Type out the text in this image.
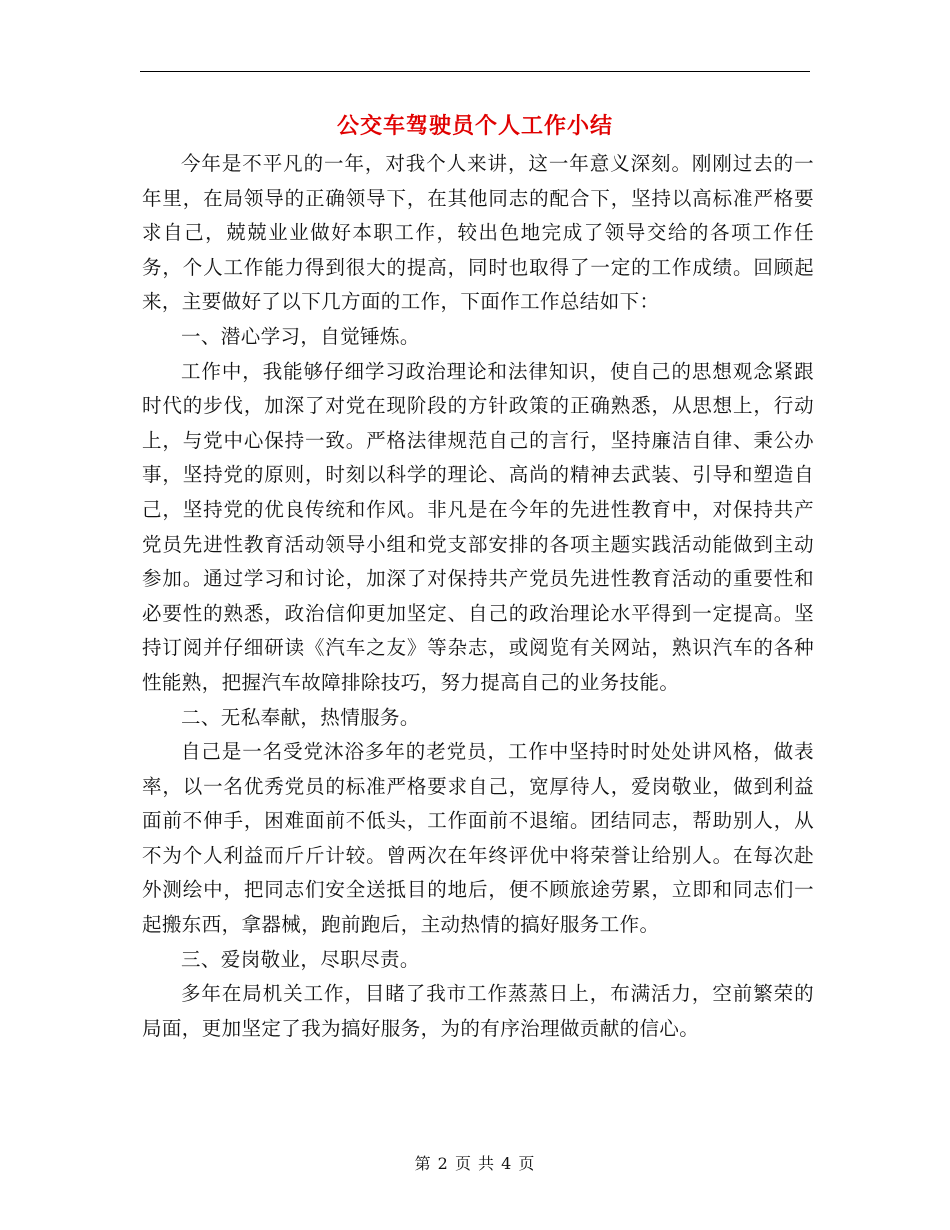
公交车驾驶员个人工作小结

今年是不平凡的一年，对我个人来讲，这一年意义深刻。刚刚过去的一年里，在局领导的正确领导下，在其他同志的配合下，坚持以高标准严格要求自己，兢兢业业做好本职工作，较出色地完成了领导交给的各项工作任务，个人工作能力得到很大的提高，同时也取得了一定的工作成绩。回顾起来，主要做好了以下几方面的工作，下面作工作总结如下：

一、潜心学习，自觉锤炼。

工作中，我能够仔细学习政治理论和法律知识，使自己的思想观念紧跟时代的步伐，加深了对党在现阶段的方针政策的正确熟悉，从思想上，行动上，与党中心保持一致。严格法律规范自己的言行，坚持廉洁自律、秉公办事，坚持党的原则，时刻以科学的理论、高尚的精神去武装、引导和塑造自己，坚持党的优良传统和作风。非凡是在今年的先进性教育中，对保持共产党员先进性教育活动领导小组和党支部安排的各项主题实践活动能做到主动参加。通过学习和讨论，加深了对保持共产党员先进性教育活动的重要性和必要性的熟悉，政治信仰更加坚定、自己的政治理论水平得到一定提高。坚持订阅并仔细研读《汽车之友》等杂志，或阅览有关网站，熟识汽车的各种性能熟，把握汽车故障排除技巧，努力提高自己的业务技能。

二、无私奉献，热情服务。

自己是一名受党沐浴多年的老党员，工作中坚持时时处处讲风格，做表率，以一名优秀党员的标准严格要求自己，宽厚待人，爱岗敬业，做到利益面前不伸手，困难面前不低头，工作面前不退缩。团结同志，帮助别人，从不为个人利益而斤斤计较。曾两次在年终评优中将荣誉让给别人。在每次赴外测绘中，把同志们安全送抵目的地后，便不顾旅途劳累，立即和同志们一起搬东西，拿器械，跑前跑后，主动热情的搞好服务工作。

三、爱岗敬业，尽职尽责。

多年在局机关工作，目睹了我市工作蒸蒸日上，布满活力，空前繁荣的局面，更加坚定了我为搞好服务，为的有序治理做贡献的信心。

第 2 页 共 4 页
